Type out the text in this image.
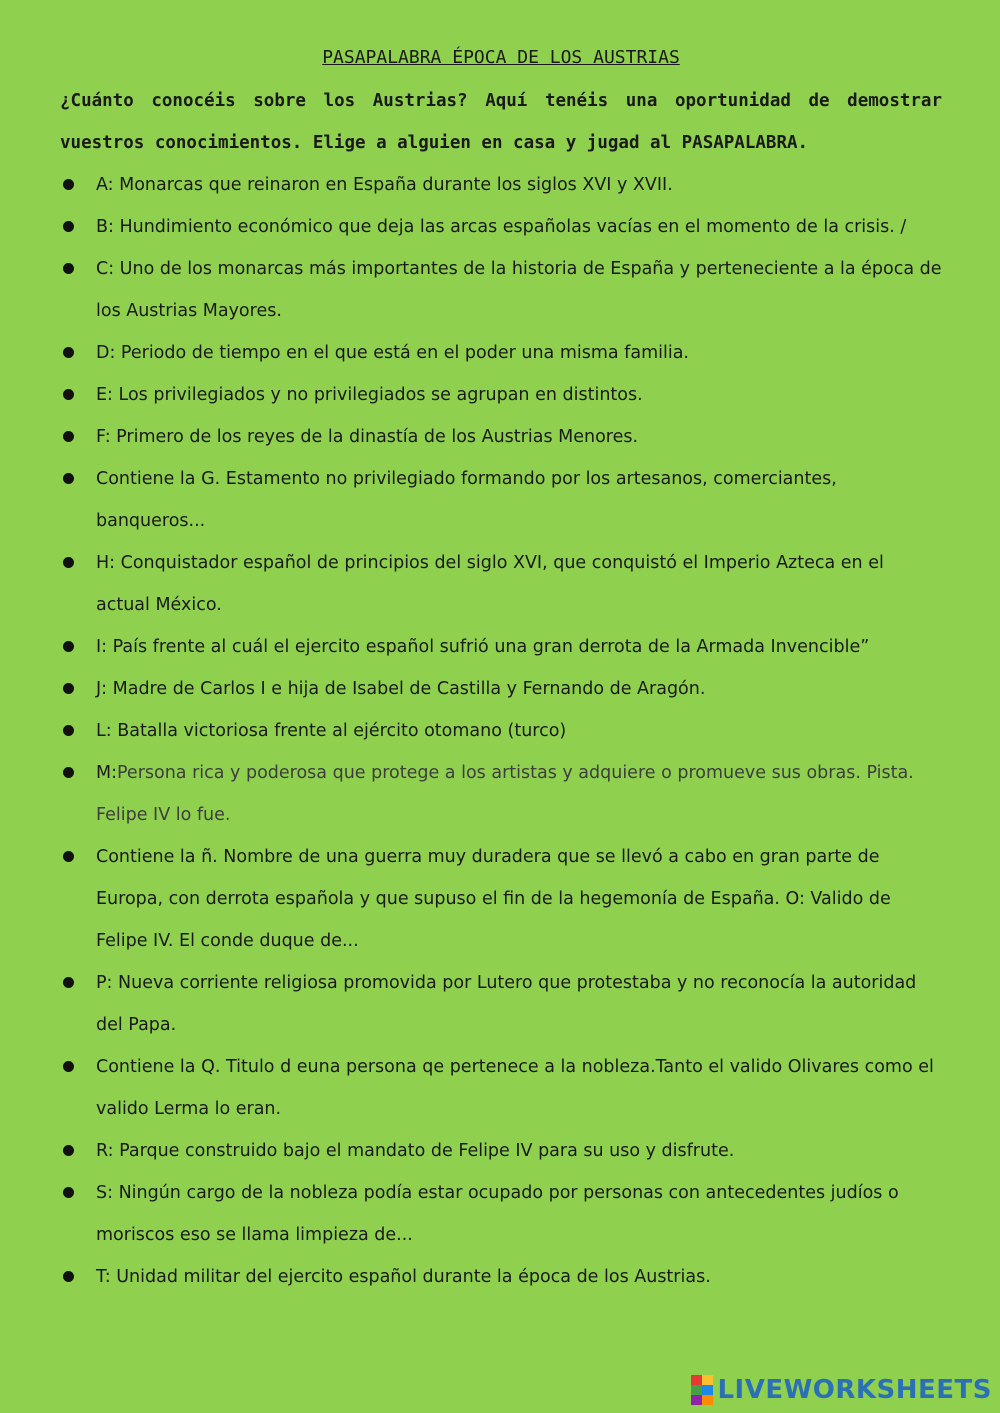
PASAPALABRA ÉPOCA DE LOS AUSTRIAS
¿Cuánto conocéis sobre los Austrias? Aquí tenéis una oportunidad de demostrar vuestros conocimientos. Elige a alguien en casa y jugad al PASAPALABRA.
A: Monarcas que reinaron en España durante los siglos XVI y XVII.
B: Hundimiento económico que deja las arcas españolas vacías en el momento de la crisis. /
C: Uno de los monarcas más importantes de la historia de España y perteneciente a la época de los Austrias Mayores.
D: Periodo de tiempo en el que está en el poder una misma familia.
E: Los privilegiados y no privilegiados se agrupan en distintos.
F: Primero de los reyes de la dinastía de los Austrias Menores.
Contiene la G. Estamento no privilegiado formando por los artesanos, comerciantes, banqueros...
H: Conquistador español de principios del siglo XVI, que conquistó el Imperio Azteca en el actual México.
I: País frente al cuál el ejercito español sufrió una gran derrota de la Armada Invencible”
J: Madre de Carlos I e hija de Isabel de Castilla y Fernando de Aragón.
L: Batalla victoriosa frente al ejército otomano (turco)
M:Persona rica y poderosa que protege a los artistas y adquiere o promueve sus obras. Pista. Felipe IV lo fue.
Contiene la ñ. Nombre de una guerra muy duradera que se llevó a cabo en gran parte de Europa, con derrota española y que supuso el fin de la hegemonía de España. O: Valido de Felipe IV. El conde duque de...
P: Nueva corriente religiosa promovida por Lutero que protestaba y no reconocía la autoridad del Papa.
Contiene la Q. Titulo d euna persona qe pertenece a la nobleza.Tanto el valido Olivares como el valido Lerma lo eran.
R: Parque construido bajo el mandato de Felipe IV para su uso y disfrute.
S: Ningún cargo de la nobleza podía estar ocupado por personas con antecedentes judíos o moriscos eso se llama limpieza de...
T: Unidad militar del ejercito español durante la época de los Austrias.
LIVEWORKSHEETS
